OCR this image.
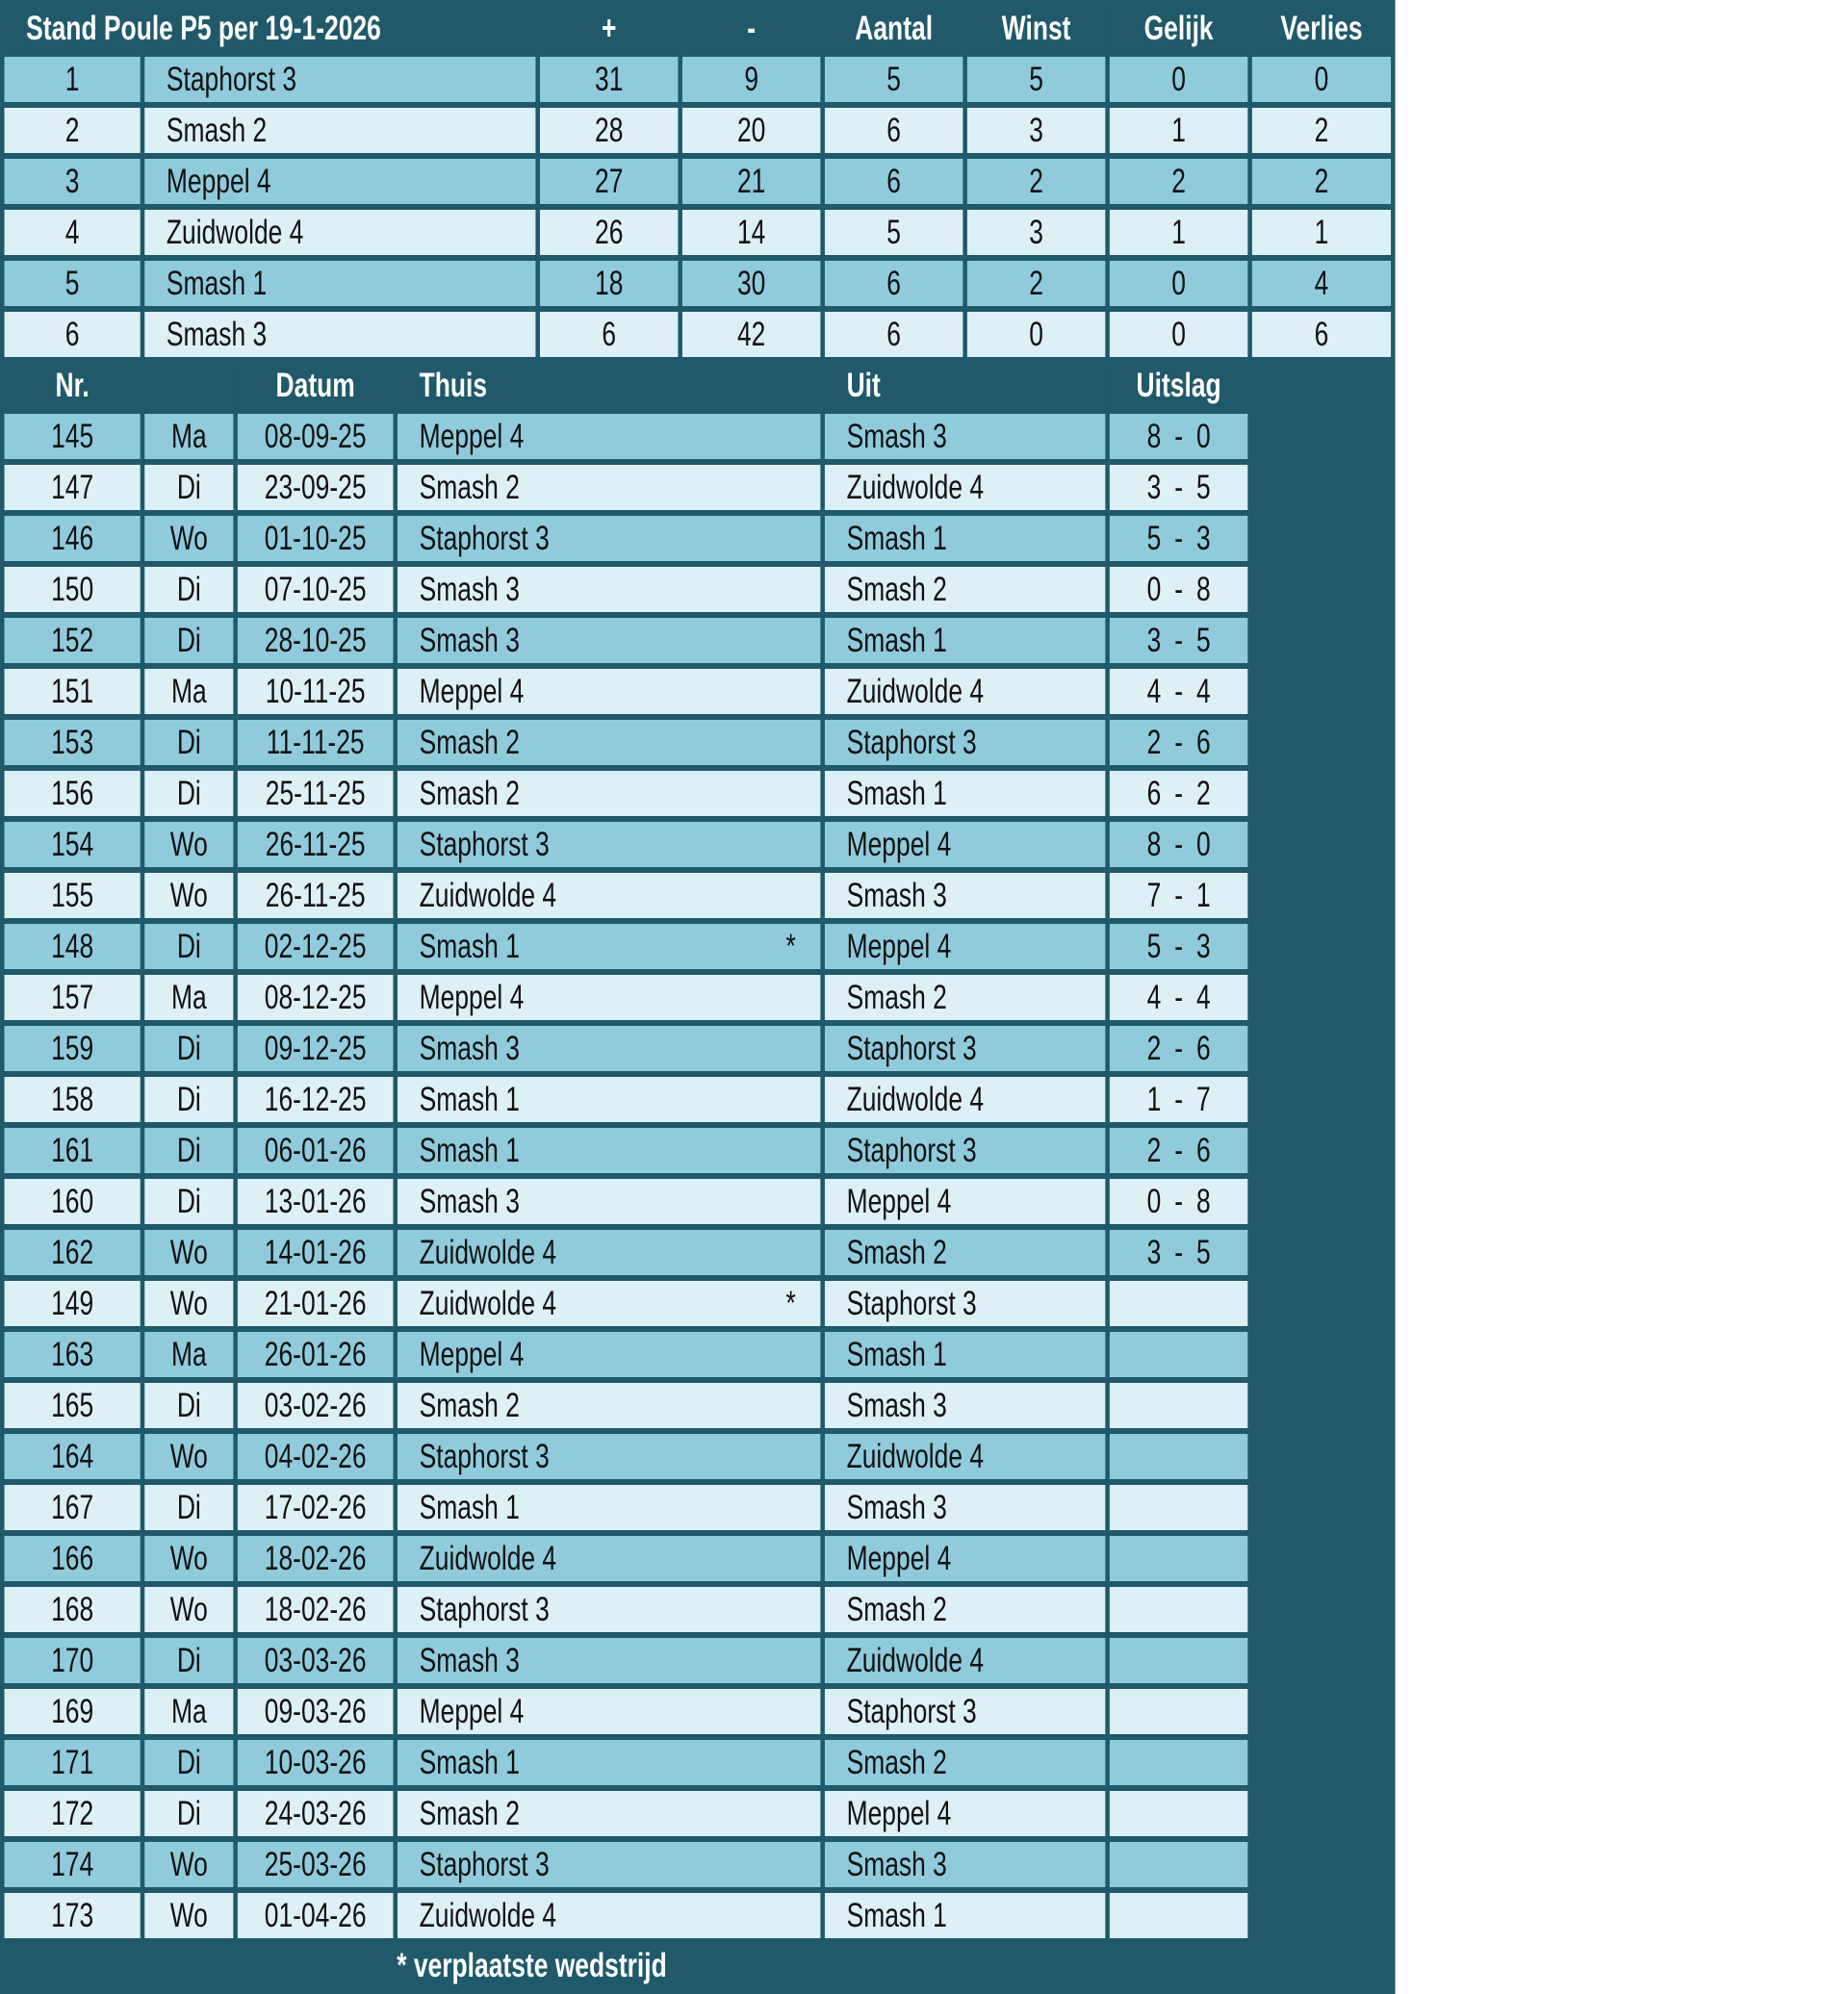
Stand Poule P5 per 19-1-2026				+	-	Aantal	Winst	Gelijk	Verlies
1	Staphorst 3			31	9	5	5	0	0
2	Smash 2			28	20	6	3	1	2
3	Meppel 4			27	21	6	2	2	2
4	Zuidwolde 4			26	14	5	3	1	1
5	Smash 1			18	30	6	2	0	4
6	Smash 3			6	42	6	0	0	6
Nr.		Datum	Thuis			Uit		Uitslag	
145	Ma	08-09-25	Meppel 4			Smash 3		8 - 0	
147	Di	23-09-25	Smash 2			Zuidwolde 4		3 - 5	
146	Wo	01-10-25	Staphorst 3			Smash 1		5 - 3	
150	Di	07-10-25	Smash 3			Smash 2		0 - 8	
152	Di	28-10-25	Smash 3			Smash 1		3 - 5	
151	Ma	10-11-25	Meppel 4			Zuidwolde 4		4 - 4	
153	Di	11-11-25	Smash 2			Staphorst 3		2 - 6	
156	Di	25-11-25	Smash 2			Smash 1		6 - 2	
154	Wo	26-11-25	Staphorst 3			Meppel 4		8 - 0	
155	Wo	26-11-25	Zuidwolde 4			Smash 3		7 - 1	
148	Di	02-12-25	Smash 1 *			Meppel 4		5 - 3	
157	Ma	08-12-25	Meppel 4			Smash 2		4 - 4	
159	Di	09-12-25	Smash 3			Staphorst 3		2 - 6	
158	Di	16-12-25	Smash 1			Zuidwolde 4		1 - 7	
161	Di	06-01-26	Smash 1			Staphorst 3		2 - 6	
160	Di	13-01-26	Smash 3			Meppel 4		0 - 8	
162	Wo	14-01-26	Zuidwolde 4			Smash 2		3 - 5	
149	Wo	21-01-26	Zuidwolde 4 *			Staphorst 3			
163	Ma	26-01-26	Meppel 4			Smash 1			
165	Di	03-02-26	Smash 2			Smash 3			
164	Wo	04-02-26	Staphorst 3			Zuidwolde 4			
167	Di	17-02-26	Smash 1			Smash 3			
166	Wo	18-02-26	Zuidwolde 4			Meppel 4			
168	Wo	18-02-26	Staphorst 3			Smash 2			
170	Di	03-03-26	Smash 3			Zuidwolde 4			
169	Ma	09-03-26	Meppel 4			Staphorst 3			
171	Di	10-03-26	Smash 1			Smash 2			
172	Di	24-03-26	Smash 2			Meppel 4			
174	Wo	25-03-26	Staphorst 3			Smash 3			
173	Wo	01-04-26	Zuidwolde 4			Smash 1			
* verplaatste wedstrijd									
